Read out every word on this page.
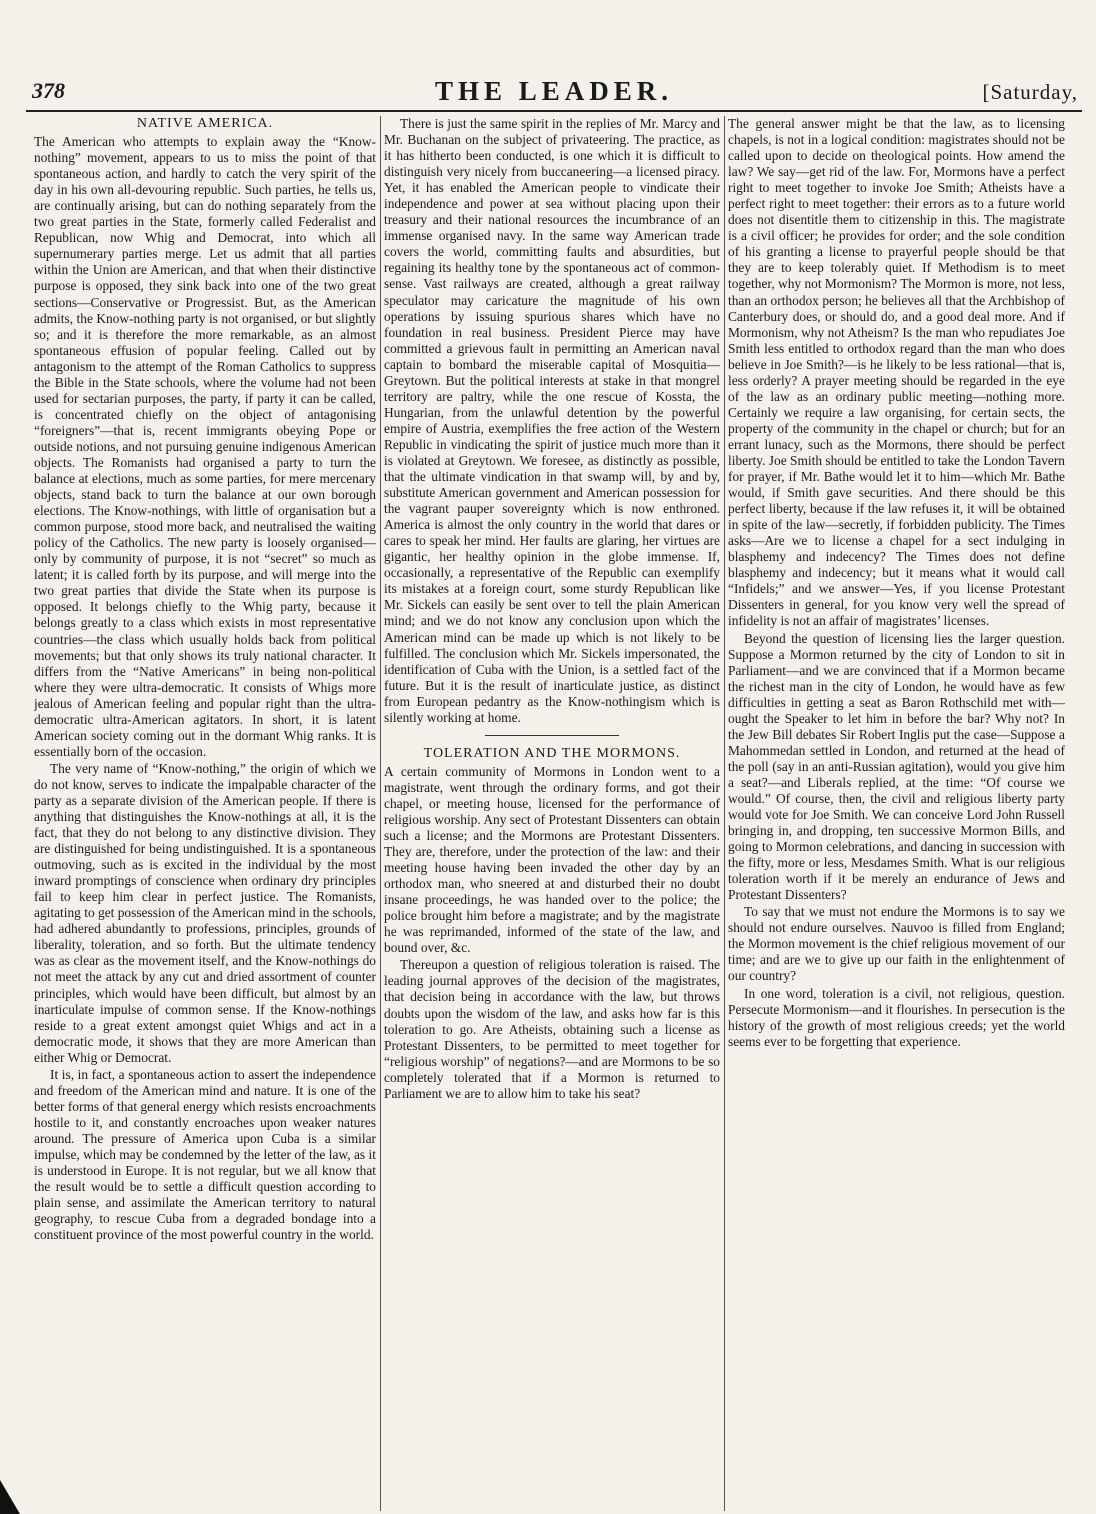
378	THE LEADER.	[Saturday,
NATIVE AMERICA.

The American who attempts to explain away the “Know-nothing” movement, appears to us to miss the point of that spontaneous action, and hardly to catch the very spirit of the day in his own all-devouring republic. Such parties, he tells us, are continually arising, but can do nothing separately from the two great parties in the State, formerly called Federalist and Republican, now Whig and Democrat, into which all supernumerary parties merge. Let us admit that all parties within the Union are American, and that when their distinctive purpose is opposed, they sink back into one of the two great sections—Conservative or Progressist. But, as the American admits, the Know-nothing party is not organised, or but slightly so; and it is therefore the more remarkable, as an almost spontaneous effusion of popular feeling. Called out by antagonism to the attempt of the Roman Catholics to suppress the Bible in the State schools, where the volume had not been used for sectarian purposes, the party, if party it can be called, is concentrated chiefly on the object of antagonising “foreigners”—that is, recent immigrants obeying Pope or outside notions, and not pursuing genuine indigenous American objects. The Romanists had organised a party to turn the balance at elections, much as some parties, for mere mercenary objects, stand back to turn the balance at our own borough elections. The Know-nothings, with little of organisation but a common purpose, stood more back, and neutralised the waiting policy of the Catholics. The new party is loosely organised—only by community of purpose, it is not “secret” so much as latent; it is called forth by its purpose, and will merge into the two great parties that divide the State when its purpose is opposed. It belongs chiefly to the Whig party, because it belongs greatly to a class which exists in most representative countries—the class which usually holds back from political movements; but that only shows its truly national character. It differs from the “Native Americans” in being non-political where they were ultra-democratic. It consists of Whigs more jealous of American feeling and popular right than the ultra-democratic ultra-American agitators. In short, it is latent American society coming out in the dormant Whig ranks. It is essentially born of the occasion.

The very name of “Know-nothing,” the origin of which we do not know, serves to indicate the impalpable character of the party as a separate division of the American people. If there is anything that distinguishes the Know-nothings at all, it is the fact, that they do not belong to any distinctive division. They are distinguished for being undistinguished. It is a spontaneous outmoving, such as is excited in the individual by the most inward promptings of conscience when ordinary dry principles fail to keep him clear in perfect justice. The Romanists, agitating to get possession of the American mind in the schools, had adhered abundantly to professions, principles, grounds of liberality, toleration, and so forth. But the ultimate tendency was as clear as the movement itself, and the Know-nothings do not meet the attack by any cut and dried assortment of counter principles, which would have been difficult, but almost by an inarticulate impulse of common sense. If the Know-nothings reside to a great extent amongst quiet Whigs and act in a democratic mode, it shows that they are more American than either Whig or Democrat.

It is, in fact, a spontaneous action to assert the independence and freedom of the American mind and nature. It is one of the better forms of that general energy which resists encroachments hostile to it, and constantly encroaches upon weaker natures around. The pressure of America upon Cuba is a similar impulse, which may be condemned by the letter of the law, as it is understood in Europe. It is not regular, but we all know that the result would be to settle a difficult question according to plain sense, and assimilate the American territory to natural geography, to rescue Cuba from a degraded bondage into a constituent province of the most powerful country in the world.

There is just the same spirit in the replies of Mr. Marcy and Mr. Buchanan on the subject of privateering. The practice, as it has hitherto been conducted, is one which it is difficult to distinguish very nicely from buccaneering—a licensed piracy. Yet, it has enabled the American people to vindicate their independence and power at sea without placing upon their treasury and their national resources the incumbrance of an immense organised navy. In the same way American trade covers the world, committing faults and absurdities, but regaining its healthy tone by the spontaneous act of common-sense. Vast railways are created, although a great railway speculator may caricature the magnitude of his own operations by issuing spurious shares which have no foundation in real business. President Pierce may have committed a grievous fault in permitting an American naval captain to bombard the miserable capital of Mosquitia—Greytown. But the political interests at stake in that mongrel territory are paltry, while the one rescue of Kossta, the Hungarian, from the unlawful detention by the powerful empire of Austria, exemplifies the free action of the Western Republic in vindicating the spirit of justice much more than it is violated at Greytown. We foresee, as distinctly as possible, that the ultimate vindication in that swamp will, by and by, substitute American government and American possession for the vagrant pauper sovereignty which is now enthroned. America is almost the only country in the world that dares or cares to speak her mind. Her faults are glaring, her virtues are gigantic, her healthy opinion in the globe immense. If, occasionally, a representative of the Republic can exemplify its mistakes at a foreign court, some sturdy Republican like Mr. Sickels can easily be sent over to tell the plain American mind; and we do not know any conclusion upon which the American mind can be made up which is not likely to be fulfilled. The conclusion which Mr. Sickels impersonated, the identification of Cuba with the Union, is a settled fact of the future. But it is the result of inarticulate justice, as distinct from European pedantry as the Know-nothingism which is silently working at home.

TOLERATION AND THE MORMONS.

A certain community of Mormons in London went to a magistrate, went through the ordinary forms, and got their chapel, or meeting house, licensed for the performance of religious worship. Any sect of Protestant Dissenters can obtain such a license; and the Mormons are Protestant Dissenters. They are, therefore, under the protection of the law: and their meeting house having been invaded the other day by an orthodox man, who sneered at and disturbed their no doubt insane proceedings, he was handed over to the police; the police brought him before a magistrate; and by the magistrate he was reprimanded, informed of the state of the law, and bound over, &c.

Thereupon a question of religious toleration is raised. The leading journal approves of the decision of the magistrates, that decision being in accordance with the law, but throws doubts upon the wisdom of the law, and asks how far is this toleration to go. Are Atheists, obtaining such a license as Protestant Dissenters, to be permitted to meet together for “religious worship” of negations?—and are Mormons to be so completely tolerated that if a Mormon is returned to Parliament we are to allow him to take his seat?

The general answer might be that the law, as to licensing chapels, is not in a logical condition: magistrates should not be called upon to decide on theological points. How amend the law? We say—get rid of the law. For, Mormons have a perfect right to meet together to invoke Joe Smith; Atheists have a perfect right to meet together: their errors as to a future world does not disentitle them to citizenship in this. The magistrate is a civil officer; he provides for order; and the sole condition of his granting a license to prayerful people should be that they are to keep tolerably quiet. If Methodism is to meet together, why not Mormonism? The Mormon is more, not less, than an orthodox person; he believes all that the Archbishop of Canterbury does, or should do, and a good deal more. And if Mormonism, why not Atheism? Is the man who repudiates Joe Smith less entitled to orthodox regard than the man who does believe in Joe Smith?—is he likely to be less rational—that is, less orderly? A prayer meeting should be regarded in the eye of the law as an ordinary public meeting—nothing more. Certainly we require a law organising, for certain sects, the property of the community in the chapel or church; but for an errant lunacy, such as the Mormons, there should be perfect liberty. Joe Smith should be entitled to take the London Tavern for prayer, if Mr. Bathe would let it to him—which Mr. Bathe would, if Smith gave securities. And there should be this perfect liberty, because if the law refuses it, it will be obtained in spite of the law—secretly, if forbidden publicity. The Times asks—Are we to license a chapel for a sect indulging in blasphemy and indecency? The Times does not define blasphemy and indecency; but it means what it would call “Infidels;” and we answer—Yes, if you license Protestant Dissenters in general, for you know very well the spread of infidelity is not an affair of magistrates’ licenses.

Beyond the question of licensing lies the larger question. Suppose a Mormon returned by the city of London to sit in Parliament—and we are convinced that if a Mormon became the richest man in the city of London, he would have as few difficulties in getting a seat as Baron Rothschild met with—ought the Speaker to let him in before the bar? Why not? In the Jew Bill debates Sir Robert Inglis put the case—Suppose a Mahommedan settled in London, and returned at the head of the poll (say in an anti-Russian agitation), would you give him a seat?—and Liberals replied, at the time: “Of course we would.” Of course, then, the civil and religious liberty party would vote for Joe Smith. We can conceive Lord John Russell bringing in, and dropping, ten successive Mormon Bills, and going to Mormon celebrations, and dancing in succession with the fifty, more or less, Mesdames Smith. What is our religious toleration worth if it be merely an endurance of Jews and Protestant Dissenters?

To say that we must not endure the Mormons is to say we should not endure ourselves. Nauvoo is filled from England; the Mormon movement is the chief religious movement of our time; and are we to give up our faith in the enlightenment of our country?

In one word, toleration is a civil, not religious, question. Persecute Mormonism—and it flourishes. In persecution is the history of the growth of most religious creeds; yet the world seems ever to be forgetting that experience.
